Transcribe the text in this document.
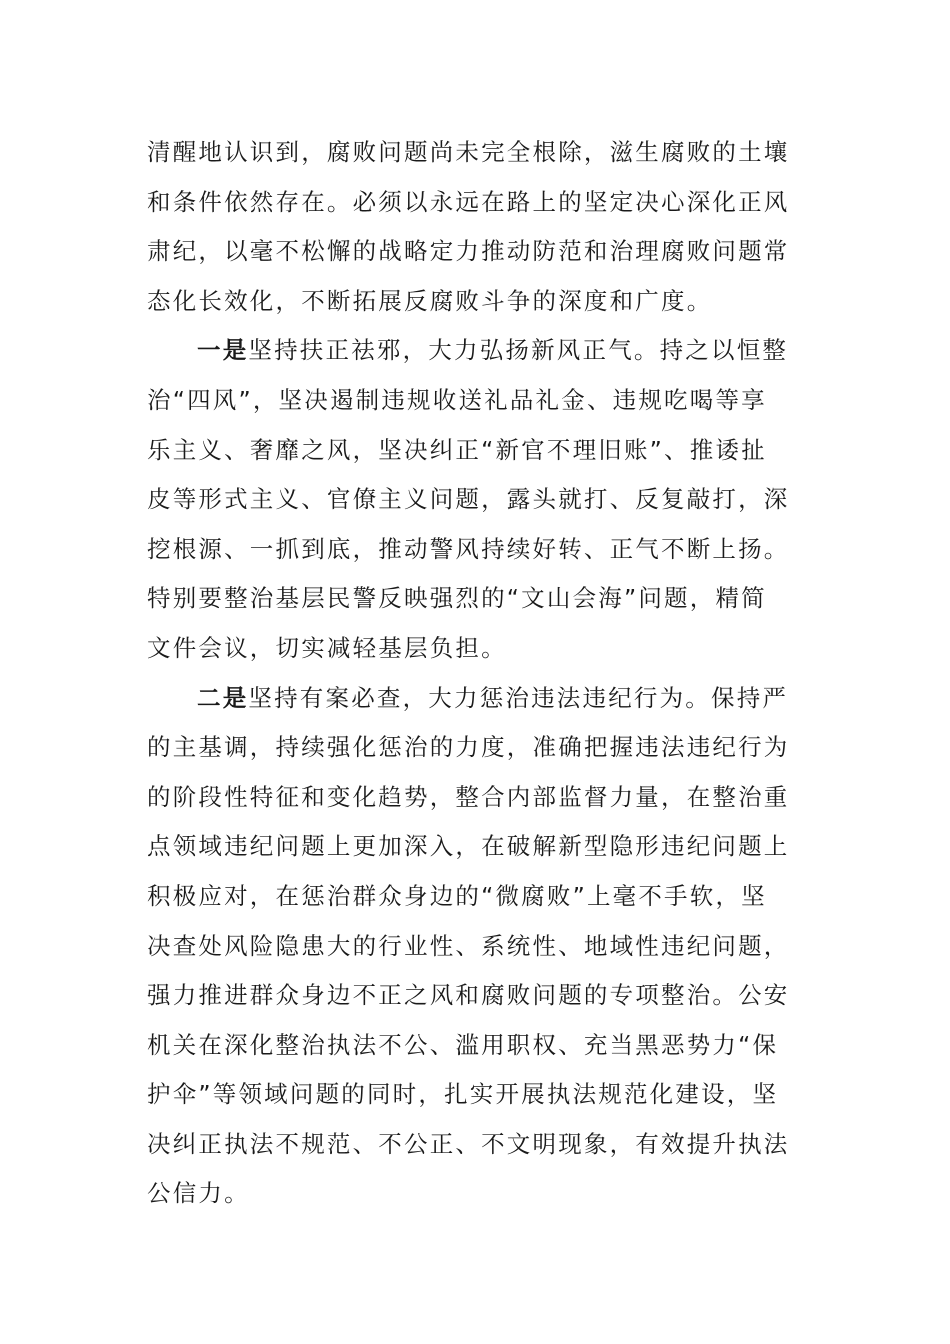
清醒地认识到，腐败问题尚未完全根除，滋生腐败的土壤
和条件依然存在。必须以永远在路上的坚定决心深化正风
肃纪，以毫不松懈的战略定力推动防范和治理腐败问题常
态化长效化，不断拓展反腐败斗争的深度和广度。
一是坚持扶正祛邪，大力弘扬新风正气。持之以恒整
治“四风”，坚决遏制违规收送礼品礼金、违规吃喝等享
乐主义、奢靡之风，坚决纠正“新官不理旧账”、推诿扯
皮等形式主义、官僚主义问题，露头就打、反复敲打，深
挖根源、一抓到底，推动警风持续好转、正气不断上扬。
特别要整治基层民警反映强烈的“文山会海”问题，精简
文件会议，切实减轻基层负担。
二是坚持有案必查，大力惩治违法违纪行为。保持严
的主基调，持续强化惩治的力度，准确把握违法违纪行为
的阶段性特征和变化趋势，整合内部监督力量，在整治重
点领域违纪问题上更加深入，在破解新型隐形违纪问题上
积极应对，在惩治群众身边的“微腐败”上毫不手软，坚
决查处风险隐患大的行业性、系统性、地域性违纪问题，
强力推进群众身边不正之风和腐败问题的专项整治。公安
机关在深化整治执法不公、滥用职权、充当黑恶势力“保
护伞”等领域问题的同时，扎实开展执法规范化建设，坚
决纠正执法不规范、不公正、不文明现象，有效提升执法
公信力。
